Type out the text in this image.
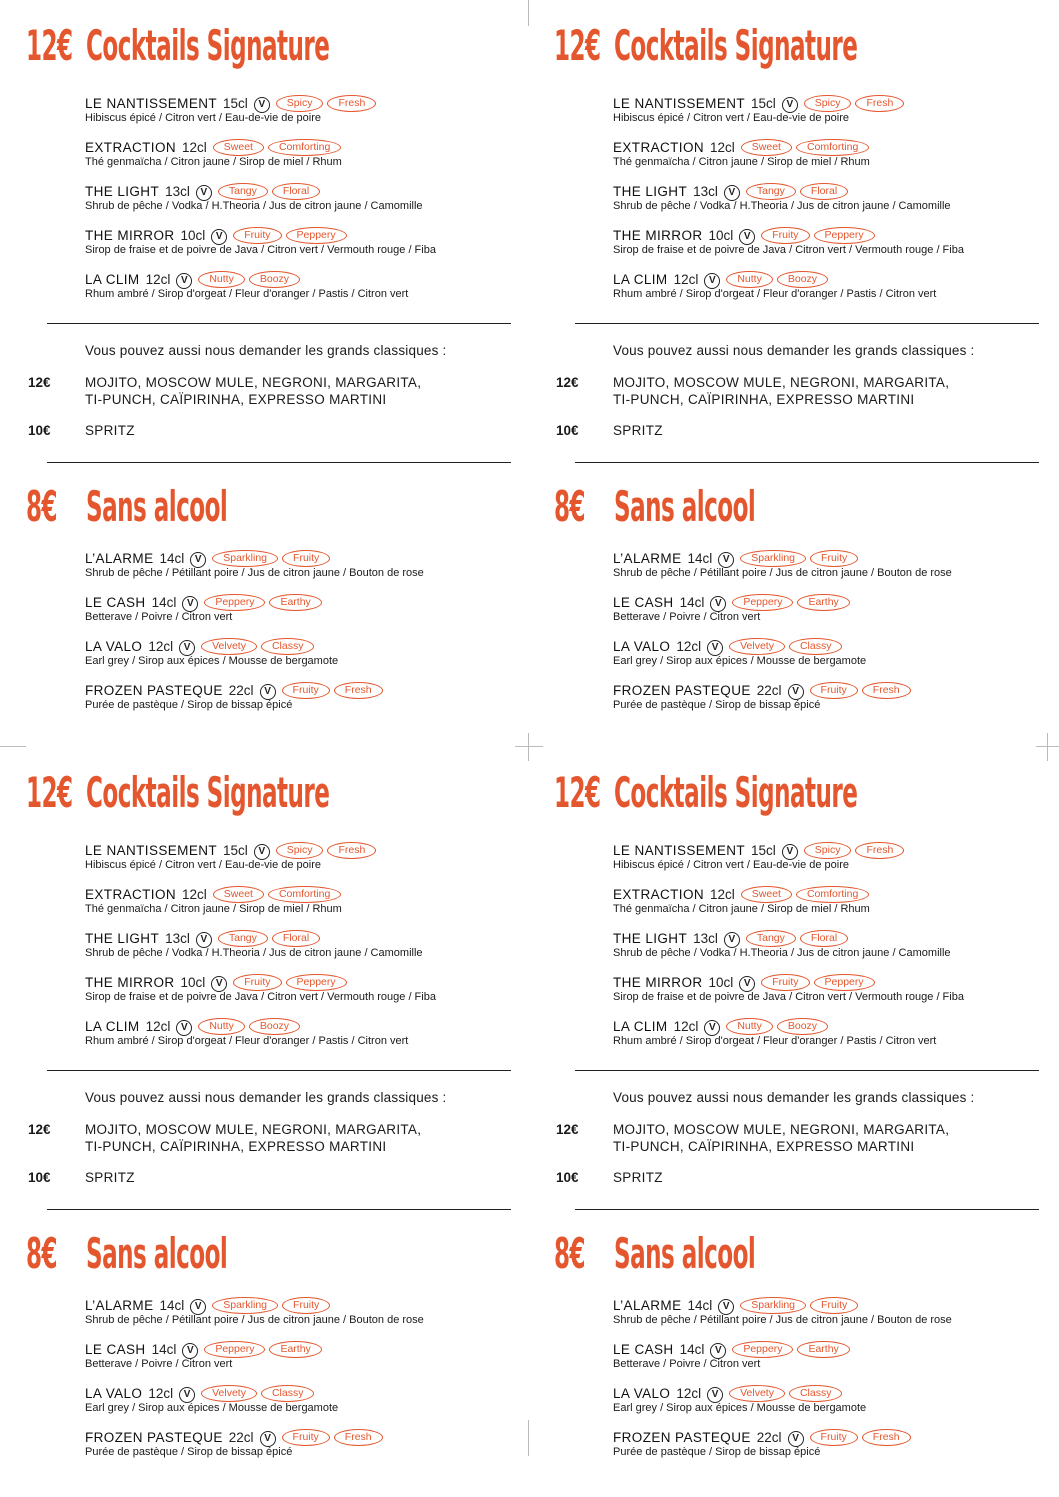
12€ Cocktails Signature
LE NANTISSEMENT 15cl V Spicy Fresh
Hibiscus épicé / Citron vert / Eau-de-vie de poire
EXTRACTION 12cl Sweet Comforting
Thé genmaïcha / Citron jaune / Sirop de miel / Rhum
THE LIGHT 13cl V Tangy Floral
Shrub de pêche / Vodka / H.Theoria / Jus de citron jaune / Camomille
THE MIRROR 10cl V Fruity Peppery
Sirop de fraise et de poivre de Java / Citron vert / Vermouth rouge / Fiba
LA CLIM 12cl V Nutty Boozy
Rhum ambré / Sirop d'orgeat / Fleur d'oranger / Pastis / Citron vert
Vous pouvez aussi nous demander les grands classiques :
12€	MOJITO, MOSCOW MULE, NEGRONI, MARGARITA,
TI-PUNCH, CAÏPIRINHA, EXPRESSO MARTINI
10€	SPRITZ
8€ Sans alcool
L’ALARME 14cl V Sparkling Fruity
Shrub de pêche / Pétillant poire / Jus de citron jaune / Bouton de rose
LE CASH 14cl V Peppery Earthy
Betterave / Poivre / Citron vert
LA VALO 12cl V Velvety Classy
Earl grey / Sirop aux épices / Mousse de bergamote
FROZEN PASTEQUE 22cl V Fruity Fresh
Purée de pastèque / Sirop de bissap épicé
12€ Cocktails Signature
LE NANTISSEMENT 15cl V Spicy Fresh
Hibiscus épicé / Citron vert / Eau-de-vie de poire
EXTRACTION 12cl Sweet Comforting
Thé genmaïcha / Citron jaune / Sirop de miel / Rhum
THE LIGHT 13cl V Tangy Floral
Shrub de pêche / Vodka / H.Theoria / Jus de citron jaune / Camomille
THE MIRROR 10cl V Fruity Peppery
Sirop de fraise et de poivre de Java / Citron vert / Vermouth rouge / Fiba
LA CLIM 12cl V Nutty Boozy
Rhum ambré / Sirop d'orgeat / Fleur d'oranger / Pastis / Citron vert
Vous pouvez aussi nous demander les grands classiques :
12€	MOJITO, MOSCOW MULE, NEGRONI, MARGARITA,
TI-PUNCH, CAÏPIRINHA, EXPRESSO MARTINI
10€	SPRITZ
8€ Sans alcool
L’ALARME 14cl V Sparkling Fruity
Shrub de pêche / Pétillant poire / Jus de citron jaune / Bouton de rose
LE CASH 14cl V Peppery Earthy
Betterave / Poivre / Citron vert
LA VALO 12cl V Velvety Classy
Earl grey / Sirop aux épices / Mousse de bergamote
FROZEN PASTEQUE 22cl V Fruity Fresh
Purée de pastèque / Sirop de bissap épicé
12€ Cocktails Signature
LE NANTISSEMENT 15cl V Spicy Fresh
Hibiscus épicé / Citron vert / Eau-de-vie de poire
EXTRACTION 12cl Sweet Comforting
Thé genmaïcha / Citron jaune / Sirop de miel / Rhum
THE LIGHT 13cl V Tangy Floral
Shrub de pêche / Vodka / H.Theoria / Jus de citron jaune / Camomille
THE MIRROR 10cl V Fruity Peppery
Sirop de fraise et de poivre de Java / Citron vert / Vermouth rouge / Fiba
LA CLIM 12cl V Nutty Boozy
Rhum ambré / Sirop d'orgeat / Fleur d'oranger / Pastis / Citron vert
Vous pouvez aussi nous demander les grands classiques :
12€	MOJITO, MOSCOW MULE, NEGRONI, MARGARITA,
TI-PUNCH, CAÏPIRINHA, EXPRESSO MARTINI
10€	SPRITZ
8€ Sans alcool
L’ALARME 14cl V Sparkling Fruity
Shrub de pêche / Pétillant poire / Jus de citron jaune / Bouton de rose
LE CASH 14cl V Peppery Earthy
Betterave / Poivre / Citron vert
LA VALO 12cl V Velvety Classy
Earl grey / Sirop aux épices / Mousse de bergamote
FROZEN PASTEQUE 22cl V Fruity Fresh
Purée de pastèque / Sirop de bissap épicé
12€ Cocktails Signature
LE NANTISSEMENT 15cl V Spicy Fresh
Hibiscus épicé / Citron vert / Eau-de-vie de poire
EXTRACTION 12cl Sweet Comforting
Thé genmaïcha / Citron jaune / Sirop de miel / Rhum
THE LIGHT 13cl V Tangy Floral
Shrub de pêche / Vodka / H.Theoria / Jus de citron jaune / Camomille
THE MIRROR 10cl V Fruity Peppery
Sirop de fraise et de poivre de Java / Citron vert / Vermouth rouge / Fiba
LA CLIM 12cl V Nutty Boozy
Rhum ambré / Sirop d'orgeat / Fleur d'oranger / Pastis / Citron vert
Vous pouvez aussi nous demander les grands classiques :
12€	MOJITO, MOSCOW MULE, NEGRONI, MARGARITA,
TI-PUNCH, CAÏPIRINHA, EXPRESSO MARTINI
10€	SPRITZ
8€ Sans alcool
L’ALARME 14cl V Sparkling Fruity
Shrub de pêche / Pétillant poire / Jus de citron jaune / Bouton de rose
LE CASH 14cl V Peppery Earthy
Betterave / Poivre / Citron vert
LA VALO 12cl V Velvety Classy
Earl grey / Sirop aux épices / Mousse de bergamote
FROZEN PASTEQUE 22cl V Fruity Fresh
Purée de pastèque / Sirop de bissap épicé
